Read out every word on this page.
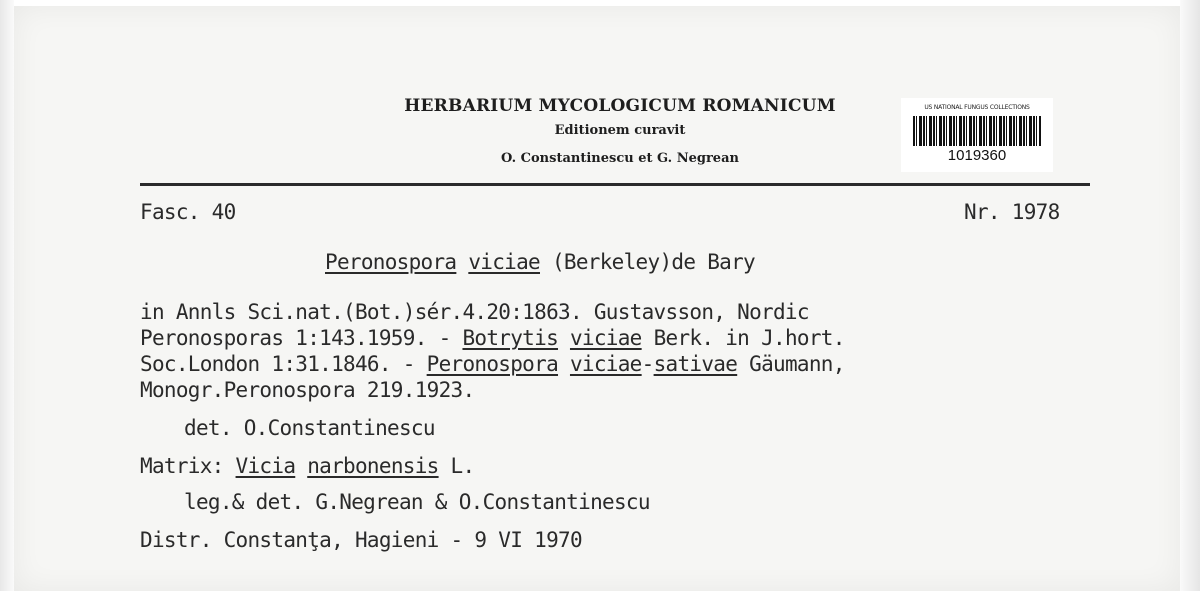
HERBARIUM MYCOLOGICUM ROMANICUM
Editionem curavit
O. Constantinescu et G. Negrean
US NATIONAL FUNGUS COLLECTIONS
1019360
Fasc. 40	Nr. 1978
Peronospora viciae (Berkeley)de Bary
in Annls Sci.nat.(Bot.)sér.4.20:1863. Gustavsson, Nordic
Peronosporas 1:143.1959. - Botrytis viciae Berk. in J.hort.
Soc.London 1:31.1846. - Peronospora viciae-sativae Gäumann,
Monogr.Peronospora 219.1923.
det. O.Constantinescu
Matrix: Vicia narbonensis L.
leg.& det. G.Negrean & O.Constantinescu
Distr. Constanţa, Hagieni - 9 VI 1970
